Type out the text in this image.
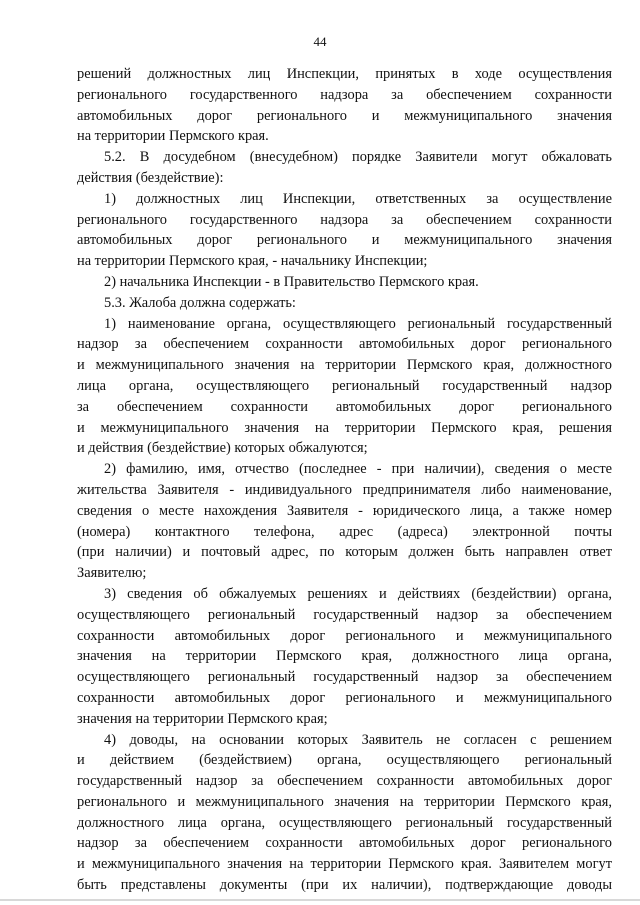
44
решений должностных лиц Инспекции, принятых в ходе осуществления
регионального государственного надзора за обеспечением сохранности
автомобильных дорог регионального и межмуниципального значения
на территории Пермского края.
5.2. В досудебном (внесудебном) порядке Заявители могут обжаловать
действия (бездействие):
1) должностных лиц Инспекции, ответственных за осуществление
регионального государственного надзора за обеспечением сохранности
автомобильных дорог регионального и межмуниципального значения
на территории Пермского края, - начальнику Инспекции;
2) начальника Инспекции - в Правительство Пермского края.
5.3. Жалоба должна содержать:
1) наименование органа, осуществляющего региональный государственный
надзор за обеспечением сохранности автомобильных дорог регионального
и межмуниципального значения на территории Пермского края, должностного
лица органа, осуществляющего региональный государственный надзор
за обеспечением сохранности автомобильных дорог регионального
и межмуниципального значения на территории Пермского края, решения
и действия (бездействие) которых обжалуются;
2) фамилию, имя, отчество (последнее - при наличии), сведения о месте
жительства Заявителя - индивидуального предпринимателя либо наименование,
сведения о месте нахождения Заявителя - юридического лица, а также номер
(номера) контактного телефона, адрес (адреса) электронной почты
(при наличии) и почтовый адрес, по которым должен быть направлен ответ
Заявителю;
3) сведения об обжалуемых решениях и действиях (бездействии) органа,
осуществляющего региональный государственный надзор за обеспечением
сохранности автомобильных дорог регионального и межмуниципального
значения на территории Пермского края, должностного лица органа,
осуществляющего региональный государственный надзор за обеспечением
сохранности автомобильных дорог регионального и межмуниципального
значения на территории Пермского края;
4) доводы, на основании которых Заявитель не согласен с решением
и действием (бездействием) органа, осуществляющего региональный
государственный надзор за обеспечением сохранности автомобильных дорог
регионального и межмуниципального значения на территории Пермского края,
должностного лица органа, осуществляющего региональный государственный
надзор за обеспечением сохранности автомобильных дорог регионального
и межмуниципального значения на территории Пермского края. Заявителем могут
быть представлены документы (при их наличии), подтверждающие доводы
